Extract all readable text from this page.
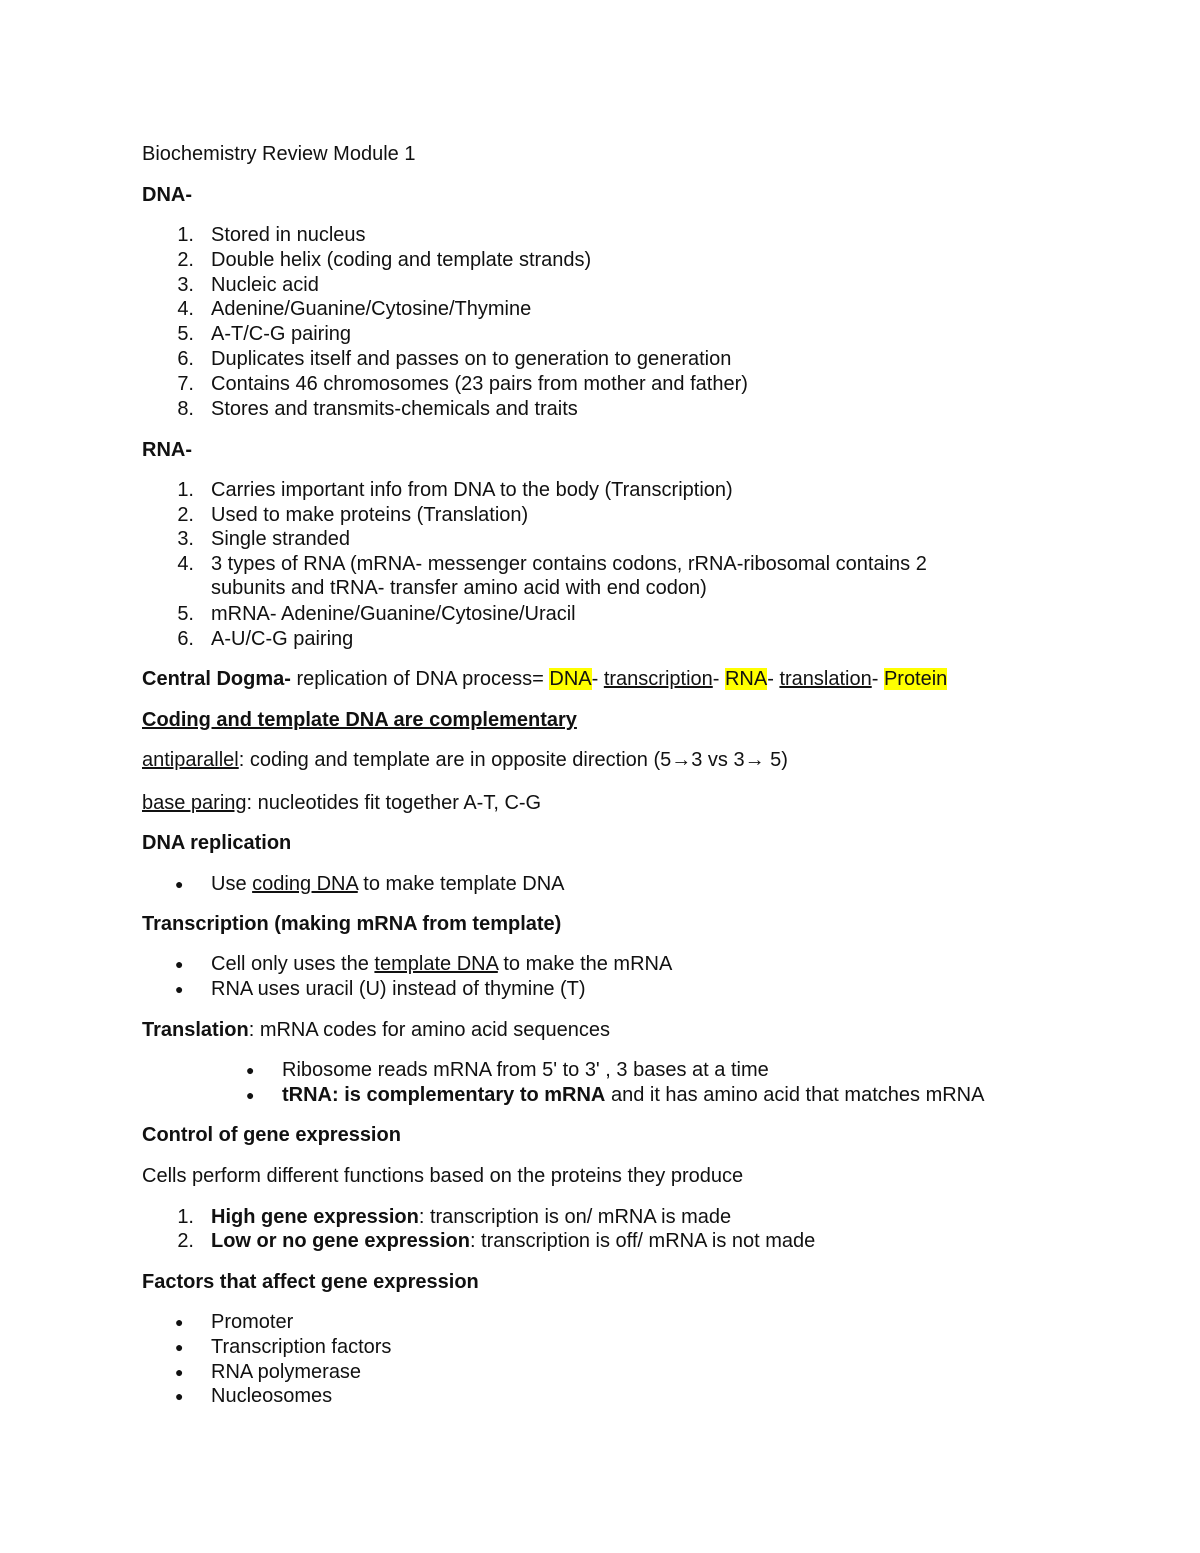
Biochemistry Review Module 1
DNA-
1. Stored in nucleus
2. Double helix (coding and template strands)
3. Nucleic acid
4. Adenine/Guanine/Cytosine/Thymine
5. A-T/C-G pairing
6. Duplicates itself and passes on to generation to generation
7. Contains 46 chromosomes (23 pairs from mother and father)
8. Stores and transmits-chemicals and traits
RNA-
1. Carries important info from DNA to the body (Transcription)
2. Used to make proteins (Translation)
3. Single stranded
4. 3 types of RNA (mRNA- messenger contains codons, rRNA-ribosomal contains 2
subunits and tRNA- transfer amino acid with end codon)
5. mRNA- Adenine/Guanine/Cytosine/Uracil
6. A-U/C-G pairing
Central Dogma- replication of DNA process= DNA- transcription- RNA- translation- Protein
Coding and template DNA are complementary
antiparallel: coding and template are in opposite direction (5→3 vs 3→ 5)
base paring: nucleotides fit together A-T, C-G
DNA replication
● Use coding DNA to make template DNA
Transcription (making mRNA from template)
● Cell only uses the template DNA to make the mRNA
● RNA uses uracil (U) instead of thymine (T)
Translation: mRNA codes for amino acid sequences
● Ribosome reads mRNA from 5' to 3' , 3 bases at a time
● tRNA: is complementary to mRNA and it has amino acid that matches mRNA
Control of gene expression
Cells perform different functions based on the proteins they produce
1. High gene expression: transcription is on/ mRNA is made
2. Low or no gene expression: transcription is off/ mRNA is not made
Factors that affect gene expression
● Promoter
● Transcription factors
● RNA polymerase
● Nucleosomes
